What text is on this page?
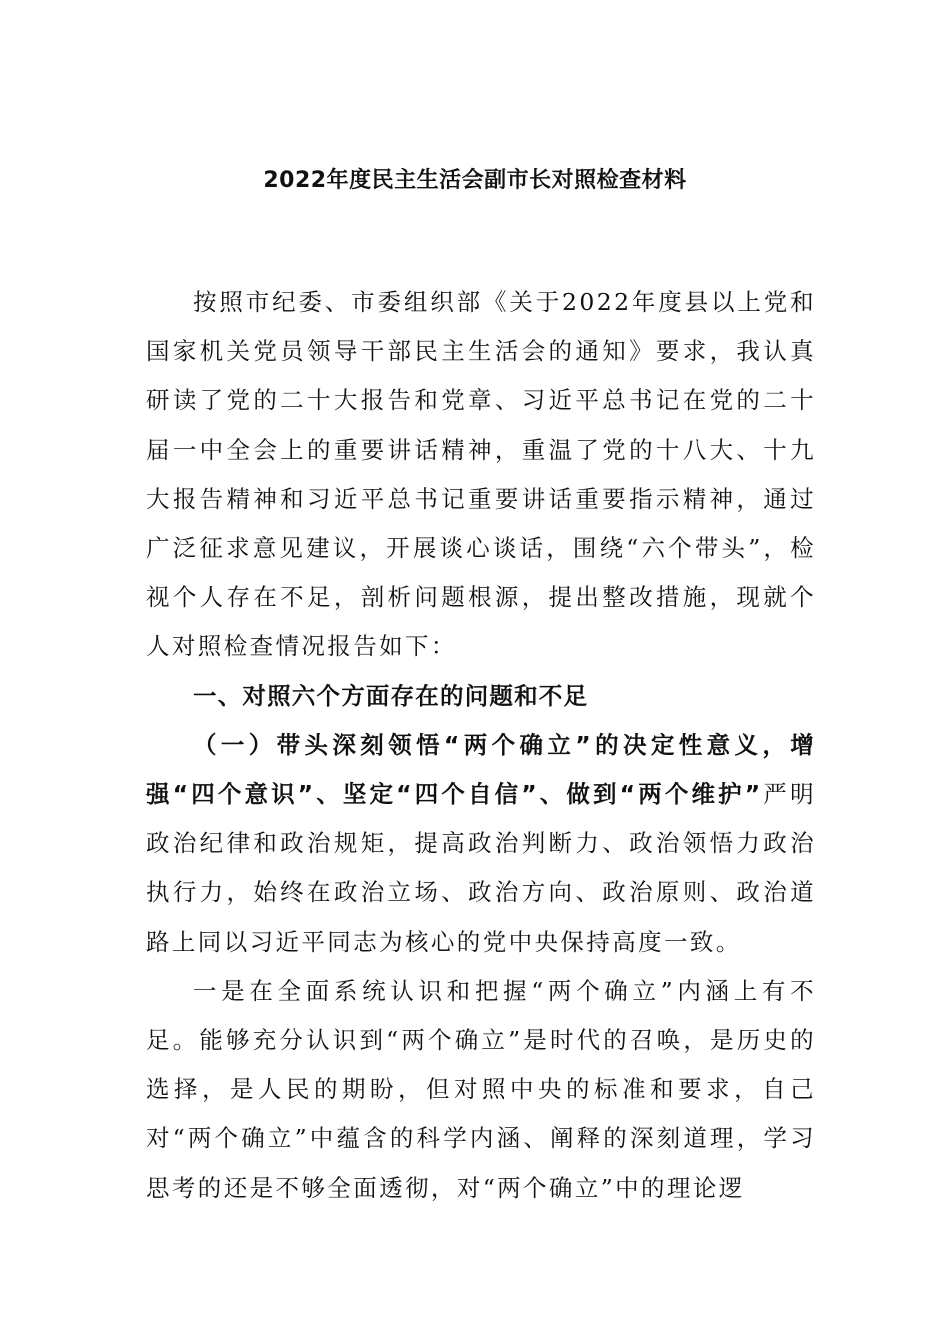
2022年度民主生活会副市长对照检查材料

按照市纪委、市委组织部《关于2022年度县以上党和国家机关党员领导干部民主生活会的通知》要求，我认真研读了党的二十大报告和党章、习近平总书记在党的二十届一中全会上的重要讲话精神，重温了党的十八大、十九大报告精神和习近平总书记重要讲话重要指示精神，通过广泛征求意见建议，开展谈心谈话，围绕“六个带头”，检视个人存在不足，剖析问题根源，提出整改措施，现就个人对照检查情况报告如下：

一、对照六个方面存在的问题和不足

（一）带头深刻领悟“两个确立”的决定性意义，增强“四个意识”、坚定“四个自信”、做到“两个维护”严明政治纪律和政治规矩，提高政治判断力、政治领悟力政治执行力，始终在政治立场、政治方向、政治原则、政治道路上同以习近平同志为核心的党中央保持高度一致。

一是在全面系统认识和把握“两个确立”内涵上有不足。能够充分认识到“两个确立”是时代的召唤，是历史的选择，是人民的期盼，但对照中央的标准和要求，自己对“两个确立”中蕴含的科学内涵、阐释的深刻道理，学习思考的还是不够全面透彻，对“两个确立”中的理论逻
